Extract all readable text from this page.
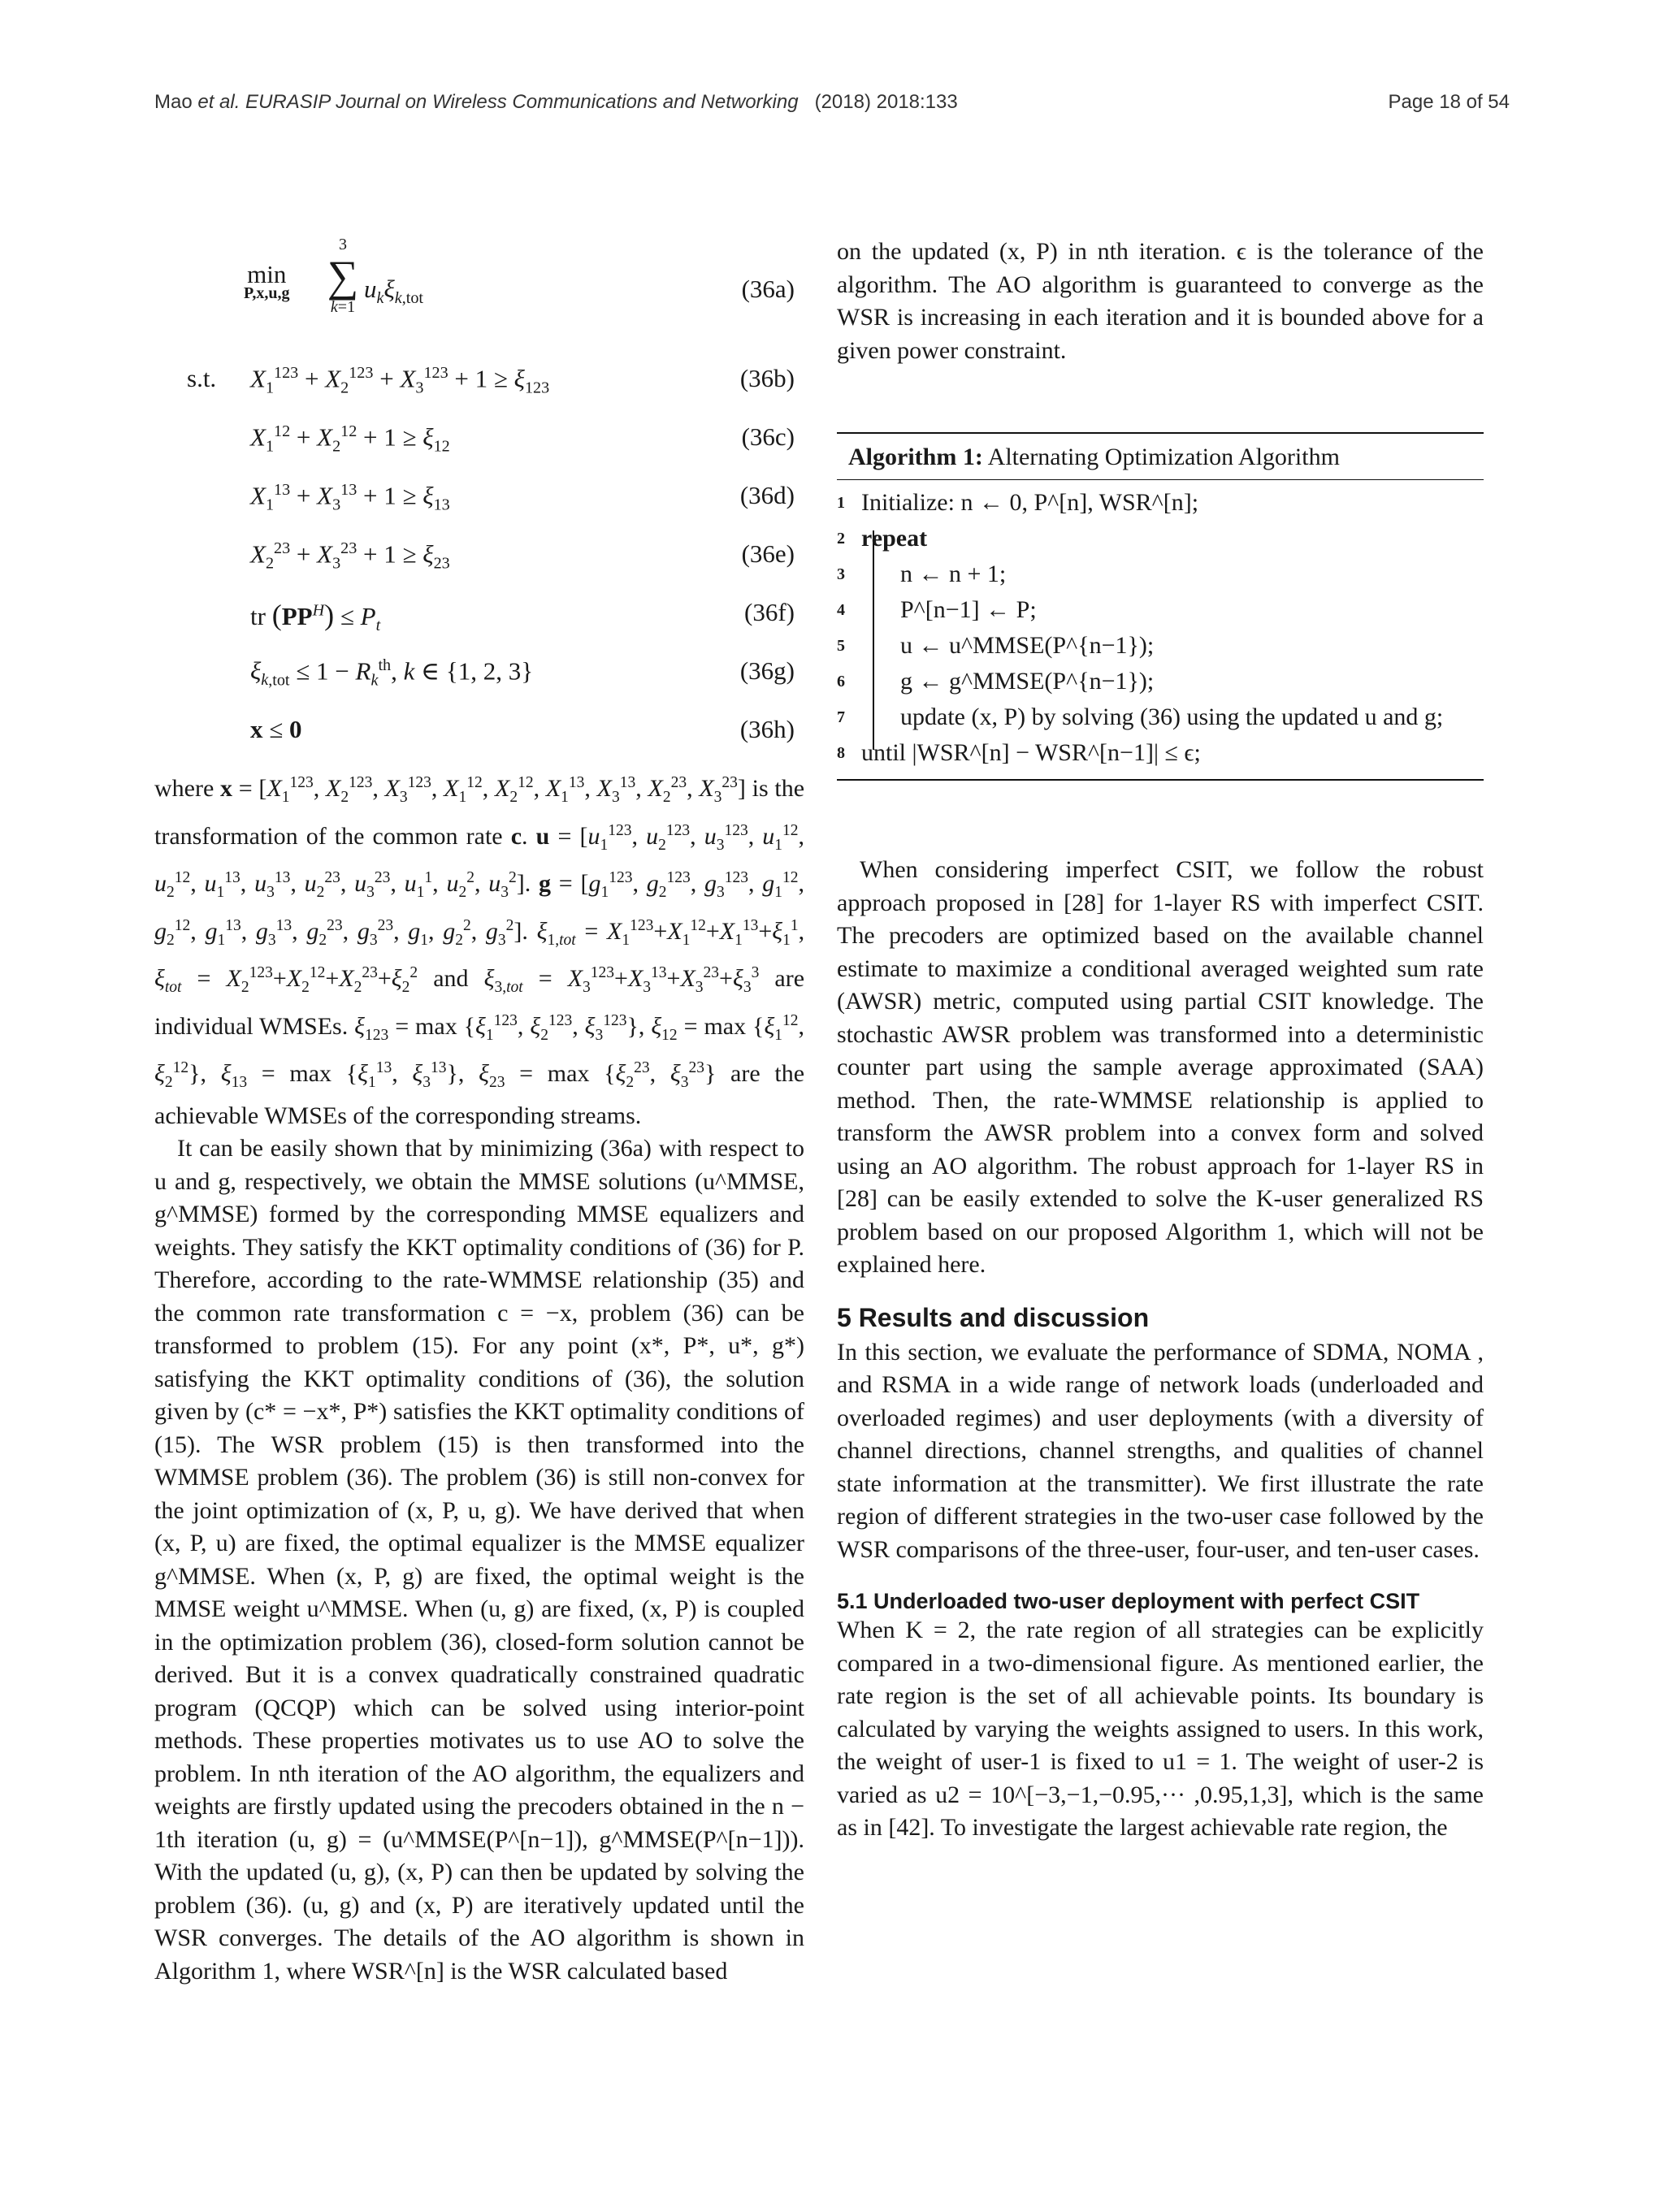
Mao et al. EURASIP Journal on Wireless Communications and Networking (2018) 2018:133	Page 18 of 54
min
P,x,u,g
3
∑
k=1
$u_k\xi_{k,tot}$	(36a)
s.t. $X_1^{123} + X_2^{123} + X_3^{123} + 1 \ge \xi_{123}$	(36b)
$X_1^{12} + X_2^{12} + 1 \ge \xi_{12}$	(36c)
$X_1^{13} + X_3^{13} + 1 \ge \xi_{13}$	(36d)
$X_2^{23} + X_3^{23} + 1 \ge \xi_{23}$	(36e)
tr $(PP^H) \le P_t$	(36f)
$\xi_{k,tot} \le 1 - R_k^{th}$, k ∈ {1, 2, 3}	(36g)
x ≤ 0	(36h)

where $x = [X_1^{123}$, $X_2^{123}$, $X_3^{123}$, $X_1^{12}$, $X_2^{12}$, $X_1^{13}$, $X_3^{13}$, $X_2^{23}$, $X_3^{23}$] is the transformation of the common rate c. $u = [u_1^{123}$, $u_2^{123}$, $u_3^{123}$, $u_1^{12}$, $u_2^{12}$, $u_1^{13}$, $u_3^{13}$, $u_2^{23}$, $u_3^{23}$, $u_1^1$, $u_2^2$, $u_3^2$]. $g = [g_1^{123}$, $g_2^{123}$, $g_3^{123}$, $g_1^{12}$, $g_2^{12}$, $g_1^{13}$, $g_3^{13}$, $g_2^{23}$, $g_3^{23}$, $g_1$, $g_2^2$, $g_3^2$]. $\xi_{1,tot} = X_1^{123}+X_1^{12}+X_1^{13}+\xi_1^1$, $\xi_{tot} = X_2^{123}+X_2^{12}+X_2^{23}+\xi_2^2$ and $\xi_{3,tot} = X_3^{123}+X_3^{13}+X_3^{23}+\xi_3^3$ are individual WMSEs. $\xi_{123} = \max \{\xi_1^{123}$, $\xi_2^{123}$, $\xi_3^{123}$}, $\xi_{12} = \max \{\xi_1^{12}$, $\xi_2^{12}$}, $\xi_{13} = \max \{\xi_1^{13}$, $\xi_3^{13}$}, $\xi_{23} = \max \{\xi_2^{23}$, $\xi_3^{23}$} are the achievable WMSEs of the corresponding streams.

It can be easily shown that by minimizing (36a) with respect to u and g, respectively, we obtain the MMSE solutions (u^MMSE, g^MMSE) formed by the corresponding MMSE equalizers and weights. They satisfy the KKT optimality conditions of (36) for P. Therefore, according to the rate-WMMSE relationship (35) and the common rate transformation c = −x, problem (36) can be transformed to problem (15). For any point (x*, P*, u*, g*) satisfying the KKT optimality conditions of (36), the solution given by (c* = −x*, P*) satisfies the KKT optimality conditions of (15). The WSR problem (15) is then transformed into the WMMSE problem (36). The problem (36) is still non-convex for the joint optimization of (x, P, u, g). We have derived that when (x, P, u) are fixed, the optimal equalizer is the MMSE equalizer g^MMSE. When (x, P, g) are fixed, the optimal weight is the MMSE weight u^MMSE. When (u, g) are fixed, (x, P) is coupled in the optimization problem (36), closed-form solution cannot be derived. But it is a convex quadratically constrained quadratic program (QCQP) which can be solved using interior-point methods. These properties motivates us to use AO to solve the problem. In nth iteration of the AO algorithm, the equalizers and weights are firstly updated using the precoders obtained in the n − 1th iteration (u, g) = (u^MMSE(P^[n−1]), g^MMSE(P^[n−1])). With the updated (u, g), (x, P) can then be updated by solving the problem (36). (u, g) and (x, P) are iteratively updated until the WSR converges. The details of the AO algorithm is shown in Algorithm 1, where WSR^[n] is the WSR calculated based

on the updated (x, P) in nth iteration. ϵ is the tolerance of the algorithm. The AO algorithm is guaranteed to converge as the WSR is increasing in each iteration and it is bounded above for a given power constraint.

Algorithm 1: Alternating Optimization Algorithm
1 Initialize: n ← 0, P^[n], WSR^[n];
2 repeat
3	n ← n + 1;
4	P^[n−1] ← P;
5	u ← u^MMSE(P^{n−1});
6	g ← g^MMSE(P^{n−1});
7	update (x, P) by solving (36) using the updated u and g;
8 until |WSR^[n] − WSR^[n−1]| ≤ ϵ;

When considering imperfect CSIT, we follow the robust approach proposed in [28] for 1-layer RS with imperfect CSIT. The precoders are optimized based on the available channel estimate to maximize a conditional averaged weighted sum rate (AWSR) metric, computed using partial CSIT knowledge. The stochastic AWSR problem was transformed into a deterministic counter part using the sample average approximated (SAA) method. Then, the rate-WMMSE relationship is applied to transform the AWSR problem into a convex form and solved using an AO algorithm. The robust approach for 1-layer RS in [28] can be easily extended to solve the K-user generalized RS problem based on our proposed Algorithm 1, which will not be explained here.

5 Results and discussion

In this section, we evaluate the performance of SDMA, NOMA , and RSMA in a wide range of network loads (underloaded and overloaded regimes) and user deployments (with a diversity of channel directions, channel strengths, and qualities of channel state information at the transmitter). We first illustrate the rate region of different strategies in the two-user case followed by the WSR comparisons of the three-user, four-user, and ten-user cases.

5.1 Underloaded two-user deployment with perfect CSIT

When K = 2, the rate region of all strategies can be explicitly compared in a two-dimensional figure. As mentioned earlier, the rate region is the set of all achievable points. Its boundary is calculated by varying the weights assigned to users. In this work, the weight of user-1 is fixed to u1 = 1. The weight of user-2 is varied as u2 = 10^[−3,−1,−0.95,··· ,0.95,1,3], which is the same as in [42]. To investigate the largest achievable rate region, the
